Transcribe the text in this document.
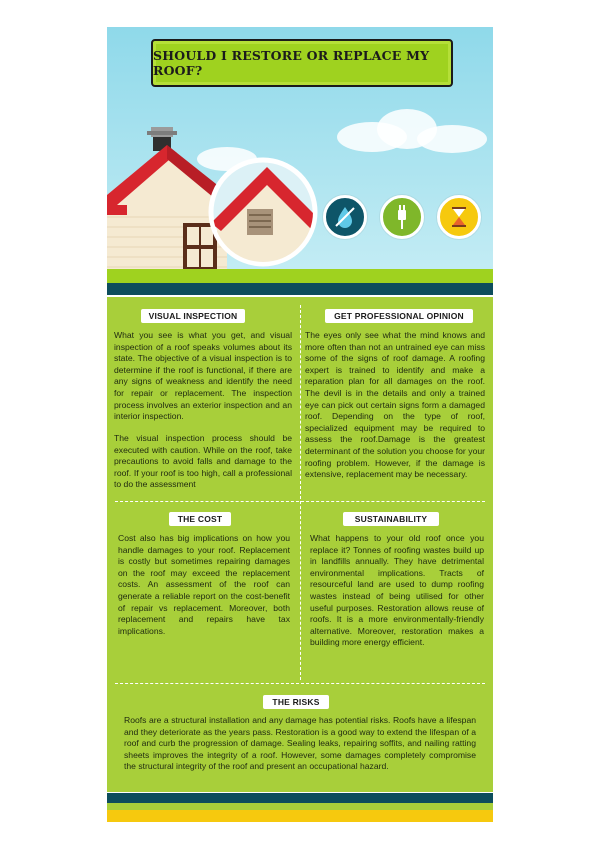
SHOULD I RESTORE OR REPLACE MY ROOF?
VISUAL INSPECTION

What you see is what you get, and visual inspection of a roof speaks volumes about its state. The objective of a visual inspection is to determine if the roof is functional, if there are any signs of weakness and identify the need for repair or replacement. The inspection process involves an exterior inspection and an interior inspection.

The visual inspection process should be executed with caution. While on the roof, take precautions to avoid falls and damage to the roof. If your roof is too high, call a professional to do the assessment

GET PROFESSIONAL OPINION

The eyes only see what the mind knows and more often than not an untrained eye can miss some of the signs of roof damage. A roofing expert is trained to identify and make a reparation plan for all damages on the roof. The devil is in the details and only a trained eye can pick out certain signs form a damaged roof. Depending on the type of roof, specialized equipment may be required to assess the roof.Damage is the greatest determinant of the solution you choose for your roofing problem. However, if the damage is extensive, replacement may be necessary.

THE COST

Cost also has big implications on how you handle damages to your roof. Replacement is costly but sometimes repairing damages on the roof may exceed the replacement costs. An assessment of the roof can generate a reliable report on the cost-benefit of repair vs replacement. Moreover, both replacement and repairs have tax implications.

SUSTAINABILITY

What happens to your old roof once you replace it? Tonnes of roofing wastes build up in landfills annually. They have detrimental environmental implications. Tracts of resourceful land are used to dump roofing wastes instead of being utilised for other useful purposes. Restoration allows reuse of roofs. It is a more environmentally-friendly alternative. Moreover, restoration makes a building more energy efficient.

THE RISKS

Roofs are a structural installation and any damage has potential risks. Roofs have a lifespan and they deteriorate as the years pass. Restoration is a good way to extend the lifespan of a roof and curb the progression of damage. Sealing leaks, repairing soffits, and nailing ratting sheets improves the integrity of a roof. However, some damages completely compromise the structural integrity of the roof and present an occupational hazard.
